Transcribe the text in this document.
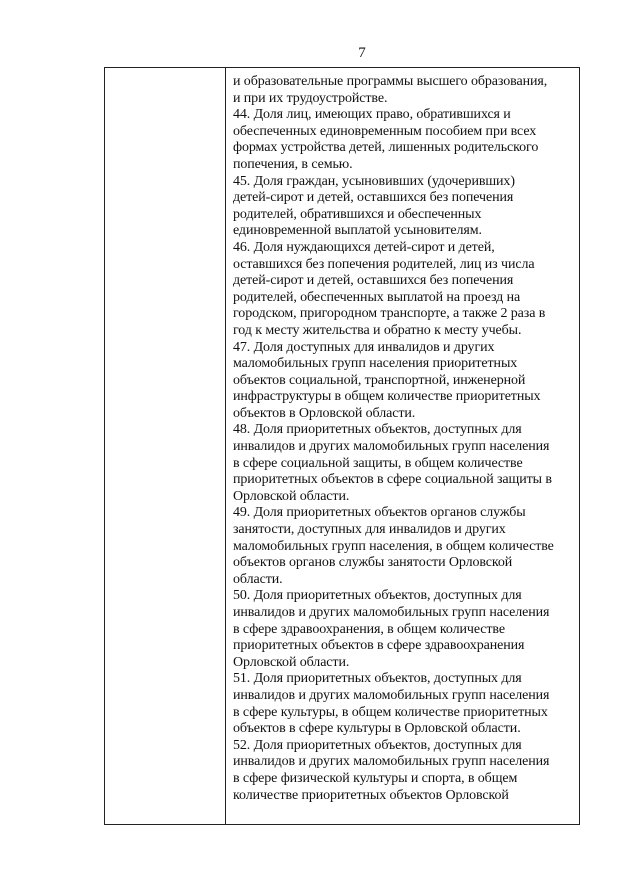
7
и образовательные программы высшего образования,
и при их трудоустройстве.
44. Доля лиц, имеющих право, обратившихся и
обеспеченных единовременным пособием при всех
формах устройства детей, лишенных родительского
попечения, в семью.
45. Доля граждан, усыновивших (удочеривших)
детей-сирот и детей, оставшихся без попечения
родителей, обратившихся и обеспеченных
единовременной выплатой усыновителям.
46. Доля нуждающихся детей-сирот и детей,
оставшихся без попечения родителей, лиц из числа
детей-сирот и детей, оставшихся без попечения
родителей, обеспеченных выплатой на проезд на
городском, пригородном транспорте, а также 2 раза в
год к месту жительства и обратно к месту учебы.
47. Доля доступных для инвалидов и других
маломобильных групп населения приоритетных
объектов социальной, транспортной, инженерной
инфраструктуры в общем количестве приоритетных
объектов в Орловской области.
48. Доля приоритетных объектов, доступных для
инвалидов и других маломобильных групп населения
в сфере социальной защиты, в общем количестве
приоритетных объектов в сфере социальной защиты в
Орловской области.
49. Доля приоритетных объектов органов службы
занятости, доступных для инвалидов и других
маломобильных групп населения, в общем количестве
объектов органов службы занятости Орловской
области.
50. Доля приоритетных объектов, доступных для
инвалидов и других маломобильных групп населения
в сфере здравоохранения, в общем количестве
приоритетных объектов в сфере здравоохранения
Орловской области.
51. Доля приоритетных объектов, доступных для
инвалидов и других маломобильных групп населения
в сфере культуры, в общем количестве приоритетных
объектов в сфере культуры в Орловской области.
52. Доля приоритетных объектов, доступных для
инвалидов и других маломобильных групп населения
в сфере физической культуры и спорта, в общем
количестве приоритетных объектов Орловской
